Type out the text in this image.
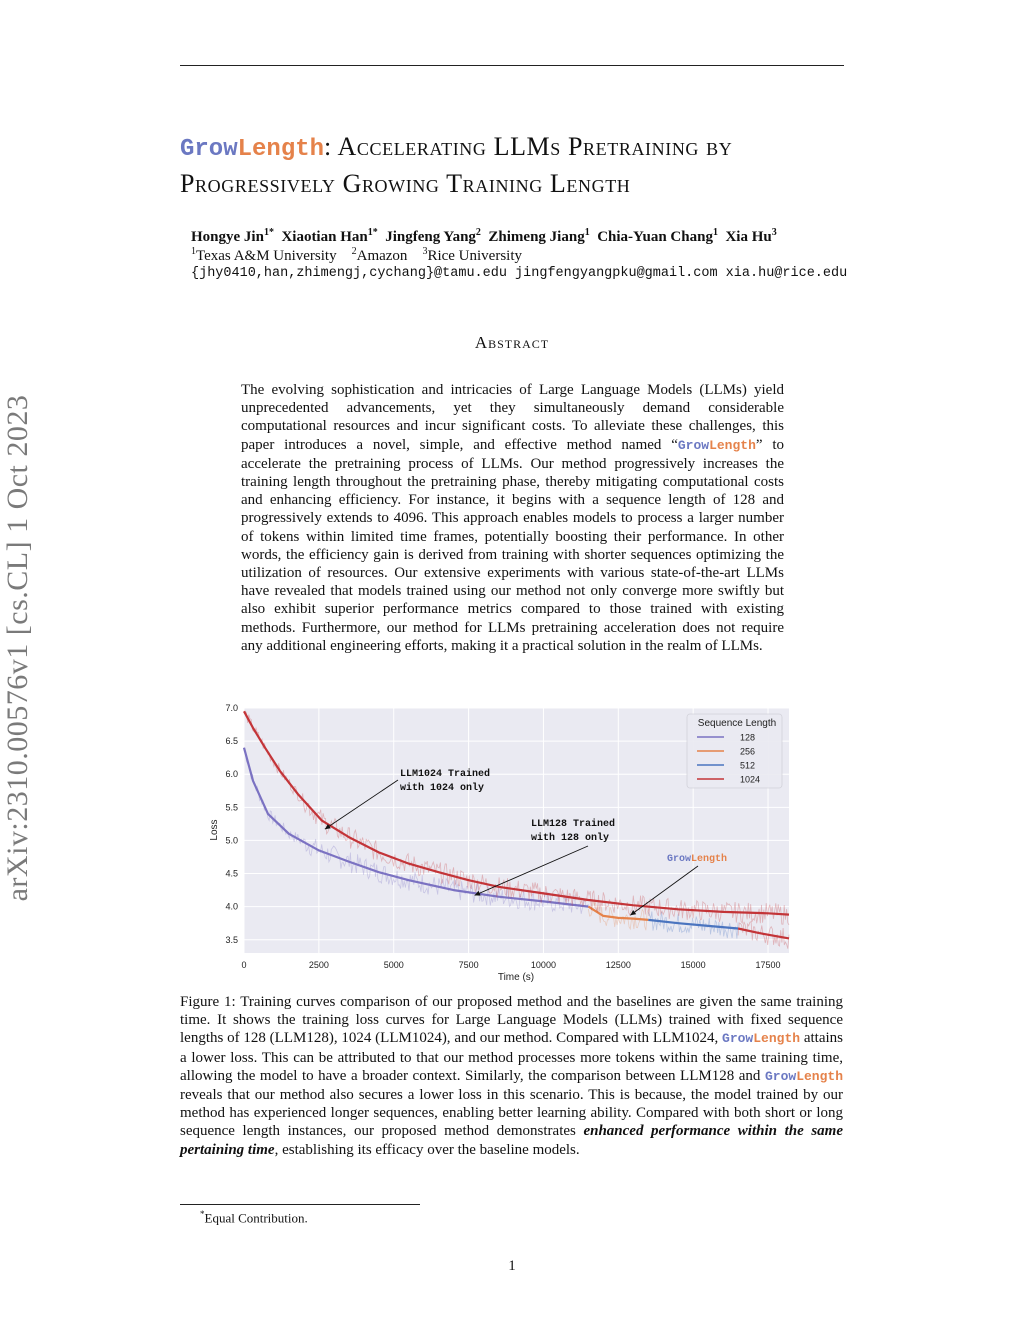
arXiv:2310.00576v1 [cs.CL] 1 Oct 2023
GrowLength: Accelerating LLMs Pretraining by
Progressively Growing Training Length
Hongye Jin$^{1*}$ Xiaotian Han$^{1*}$ Jingfeng Yang$^2$ Zhimeng Jiang$^1$ Chia-Yuan Chang$^1$ Xia Hu$^3$
$^1$Texas A&M University $^2$Amazon $^3$Rice University
{jhy0410,han,zhimengj,cychang}@tamu.edu jingfengyangpku@gmail.com xia.hu@rice.edu
Abstract
The evolving sophistication and intricacies of Large Language Models (LLMs) yield unprecedented advancements, yet they simultaneously demand considerable computational resources and incur significant costs. To alleviate these challenges, this paper introduces a novel, simple, and effective method named “GrowLength” to accelerate the pretraining process of LLMs. Our method progressively increases the training length throughout the pretraining phase, thereby mitigating computational costs and enhancing efficiency. For instance, it begins with a sequence length of 128 and progressively extends to 4096. This approach enables models to process a larger number of tokens within limited time frames, potentially boosting their performance. In other words, the efficiency gain is derived from training with shorter sequences optimizing the utilization of resources. Our extensive experiments with various state-of-the-art LLMs have revealed that models trained using our method not only converge more swiftly but also exhibit superior performance metrics compared to those trained with existing methods. Furthermore, our method for LLMs pretraining acceleration does not require any additional engineering efforts, making it a practical solution in the realm of LLMs.
LLM1024 Trained
with 1024 only
LLM128 Trained
with 128 only
GrowLength
0	2500	5000	7500	10000	12500	15000	17500
3.5
4.0
4.5
5.0
5.5
6.0
6.5
7.0
Time (s)
Loss
Sequence Length
128
256
512
1024
Figure 1: Training curves comparison of our proposed method and the baselines are given the same training time. It shows the training loss curves for Large Language Models (LLMs) trained with fixed sequence lengths of 128 (LLM128), 1024 (LLM1024), and our method. Compared with LLM1024, GrowLength attains a lower loss. This can be attributed to that our method processes more tokens within the same training time, allowing the model to have a broader context. Similarly, the comparison between LLM128 and GrowLength reveals that our method also secures a lower loss in this scenario. This is because, the model trained by our method has experienced longer sequences, enabling better learning ability. Compared with both short or long sequence length instances, our proposed method demonstrates enhanced performance within the same pertaining time, establishing its efficacy over the baseline models.
*Equal Contribution.
1
